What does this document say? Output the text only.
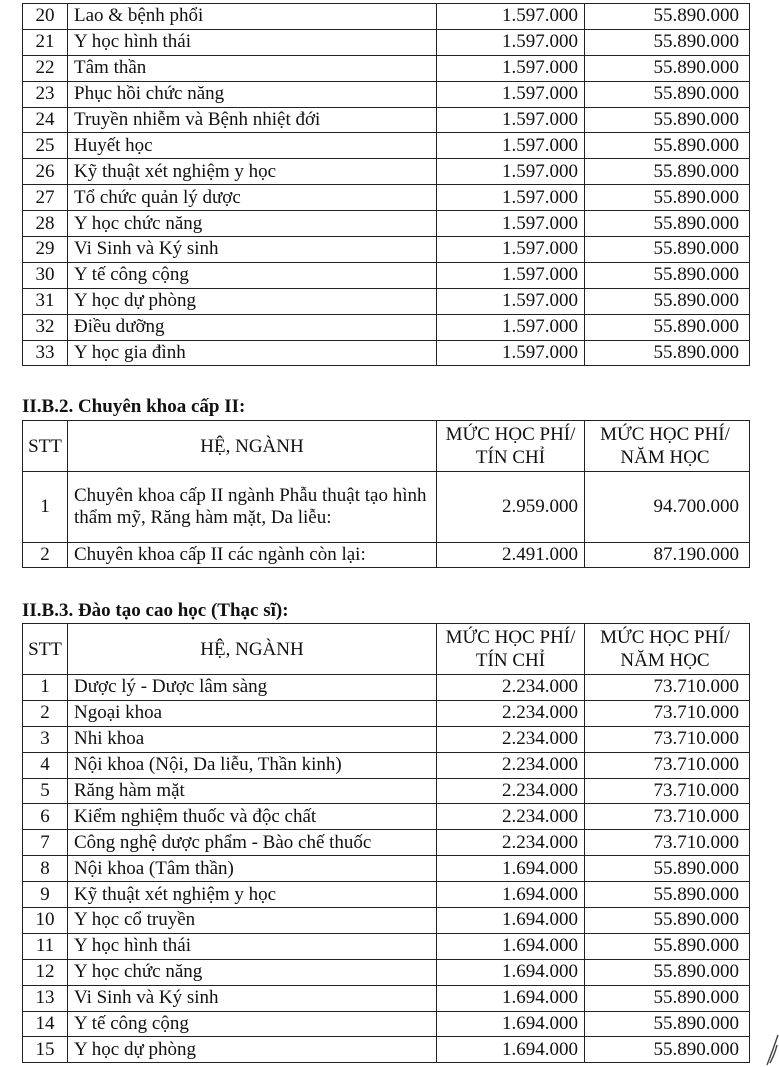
20	Lao & bệnh phổi	1.597.000	55.890.000
21	Y học hình thái	1.597.000	55.890.000
22	Tâm thần	1.597.000	55.890.000
23	Phục hồi chức năng	1.597.000	55.890.000
24	Truyền nhiễm và Bệnh nhiệt đới	1.597.000	55.890.000
25	Huyết học	1.597.000	55.890.000
26	Kỹ thuật xét nghiệm y học	1.597.000	55.890.000
27	Tổ chức quản lý dược	1.597.000	55.890.000
28	Y học chức năng	1.597.000	55.890.000
29	Vi Sinh và Ký sinh	1.597.000	55.890.000
30	Y tế công cộng	1.597.000	55.890.000
31	Y học dự phòng	1.597.000	55.890.000
32	Điều dưỡng	1.597.000	55.890.000
33	Y học gia đình	1.597.000	55.890.000
II.B.2. Chuyên khoa cấp II:
STT	HỆ, NGÀNH	MỨC HỌC PHÍ/ TÍN CHỈ	MỨC HỌC PHÍ/ NĂM HỌC
1	Chuyên khoa cấp II ngành Phẫu thuật tạo hình thẩm mỹ, Răng hàm mặt, Da liễu:	2.959.000	94.700.000
2	Chuyên khoa cấp II các ngành còn lại:	2.491.000	87.190.000
II.B.3. Đào tạo cao học (Thạc sĩ):
STT	HỆ, NGÀNH	MỨC HỌC PHÍ/ TÍN CHỈ	MỨC HỌC PHÍ/ NĂM HỌC
1	Dược lý - Dược lâm sàng	2.234.000	73.710.000
2	Ngoại khoa	2.234.000	73.710.000
3	Nhi khoa	2.234.000	73.710.000
4	Nội khoa (Nội, Da liễu, Thần kinh)	2.234.000	73.710.000
5	Răng hàm mặt	2.234.000	73.710.000
6	Kiểm nghiệm thuốc và độc chất	2.234.000	73.710.000
7	Công nghệ dược phẩm - Bào chế thuốc	2.234.000	73.710.000
8	Nội khoa (Tâm thần)	1.694.000	55.890.000
9	Kỹ thuật xét nghiệm y học	1.694.000	55.890.000
10	Y học cổ truyền	1.694.000	55.890.000
11	Y học hình thái	1.694.000	55.890.000
12	Y học chức năng	1.694.000	55.890.000
13	Vi Sinh và Ký sinh	1.694.000	55.890.000
14	Y tế công cộng	1.694.000	55.890.000
15	Y học dự phòng	1.694.000	55.890.000
